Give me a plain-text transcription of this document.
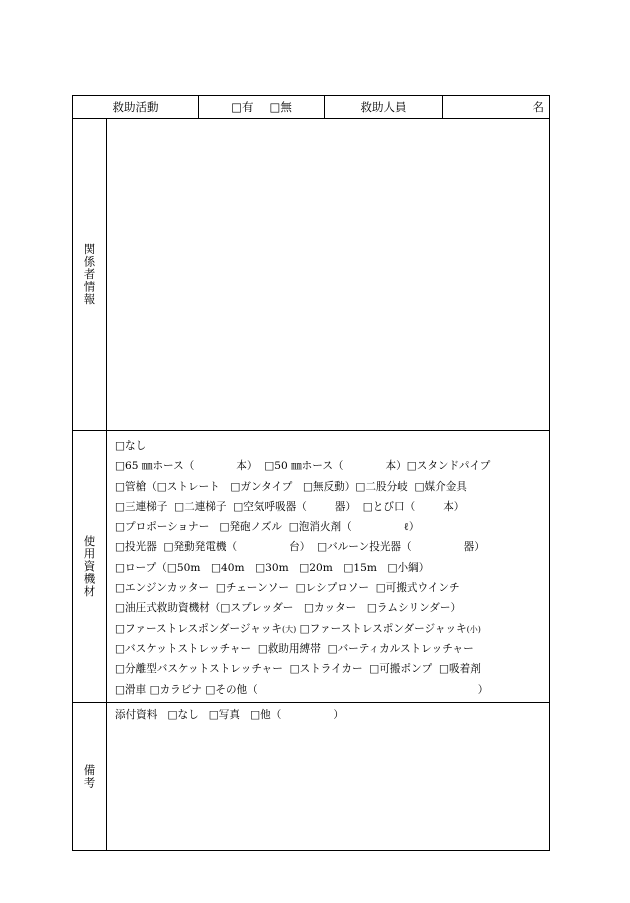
救助活動	□有 □無	救助人員	名
関係者情報
使用資機材
□なし
□65 ㎜ホース（	本） □50 ㎜ホース（	本）□スタンドパイプ
□管槍（□ストレート　□ガンタイプ　□無反動）□二股分岐 □媒介金具
□三連梯子 □二連梯子 □空気呼吸器（	器） □とび口（	本）
□プロポーショナー □発砲ノズル □泡消火剤（	ℓ）
□投光器 □発動発電機（	台） □バルーン投光器（	器）
□ロープ（□50m　□40m　□30m　□20m　□15m　□小綱）
□エンジンカッター □チェーンソー □レシプロソー □可搬式ウインチ
□油圧式救助資機材（□スプレッダー　□カッター　□ラムシリンダー）
□ファーストレスポンダージャッキ(大) □ファーストレスポンダージャッキ(小)
□バスケットストレッチャー □救助用縛帯 □バーティカルストレッチャー
□分離型バスケットストレッチャー □ストライカー □可搬ポンプ □吸着剤
□滑車 □カラビナ □その他（	）
備考
添付資料 □なし □写真 □他（	）
